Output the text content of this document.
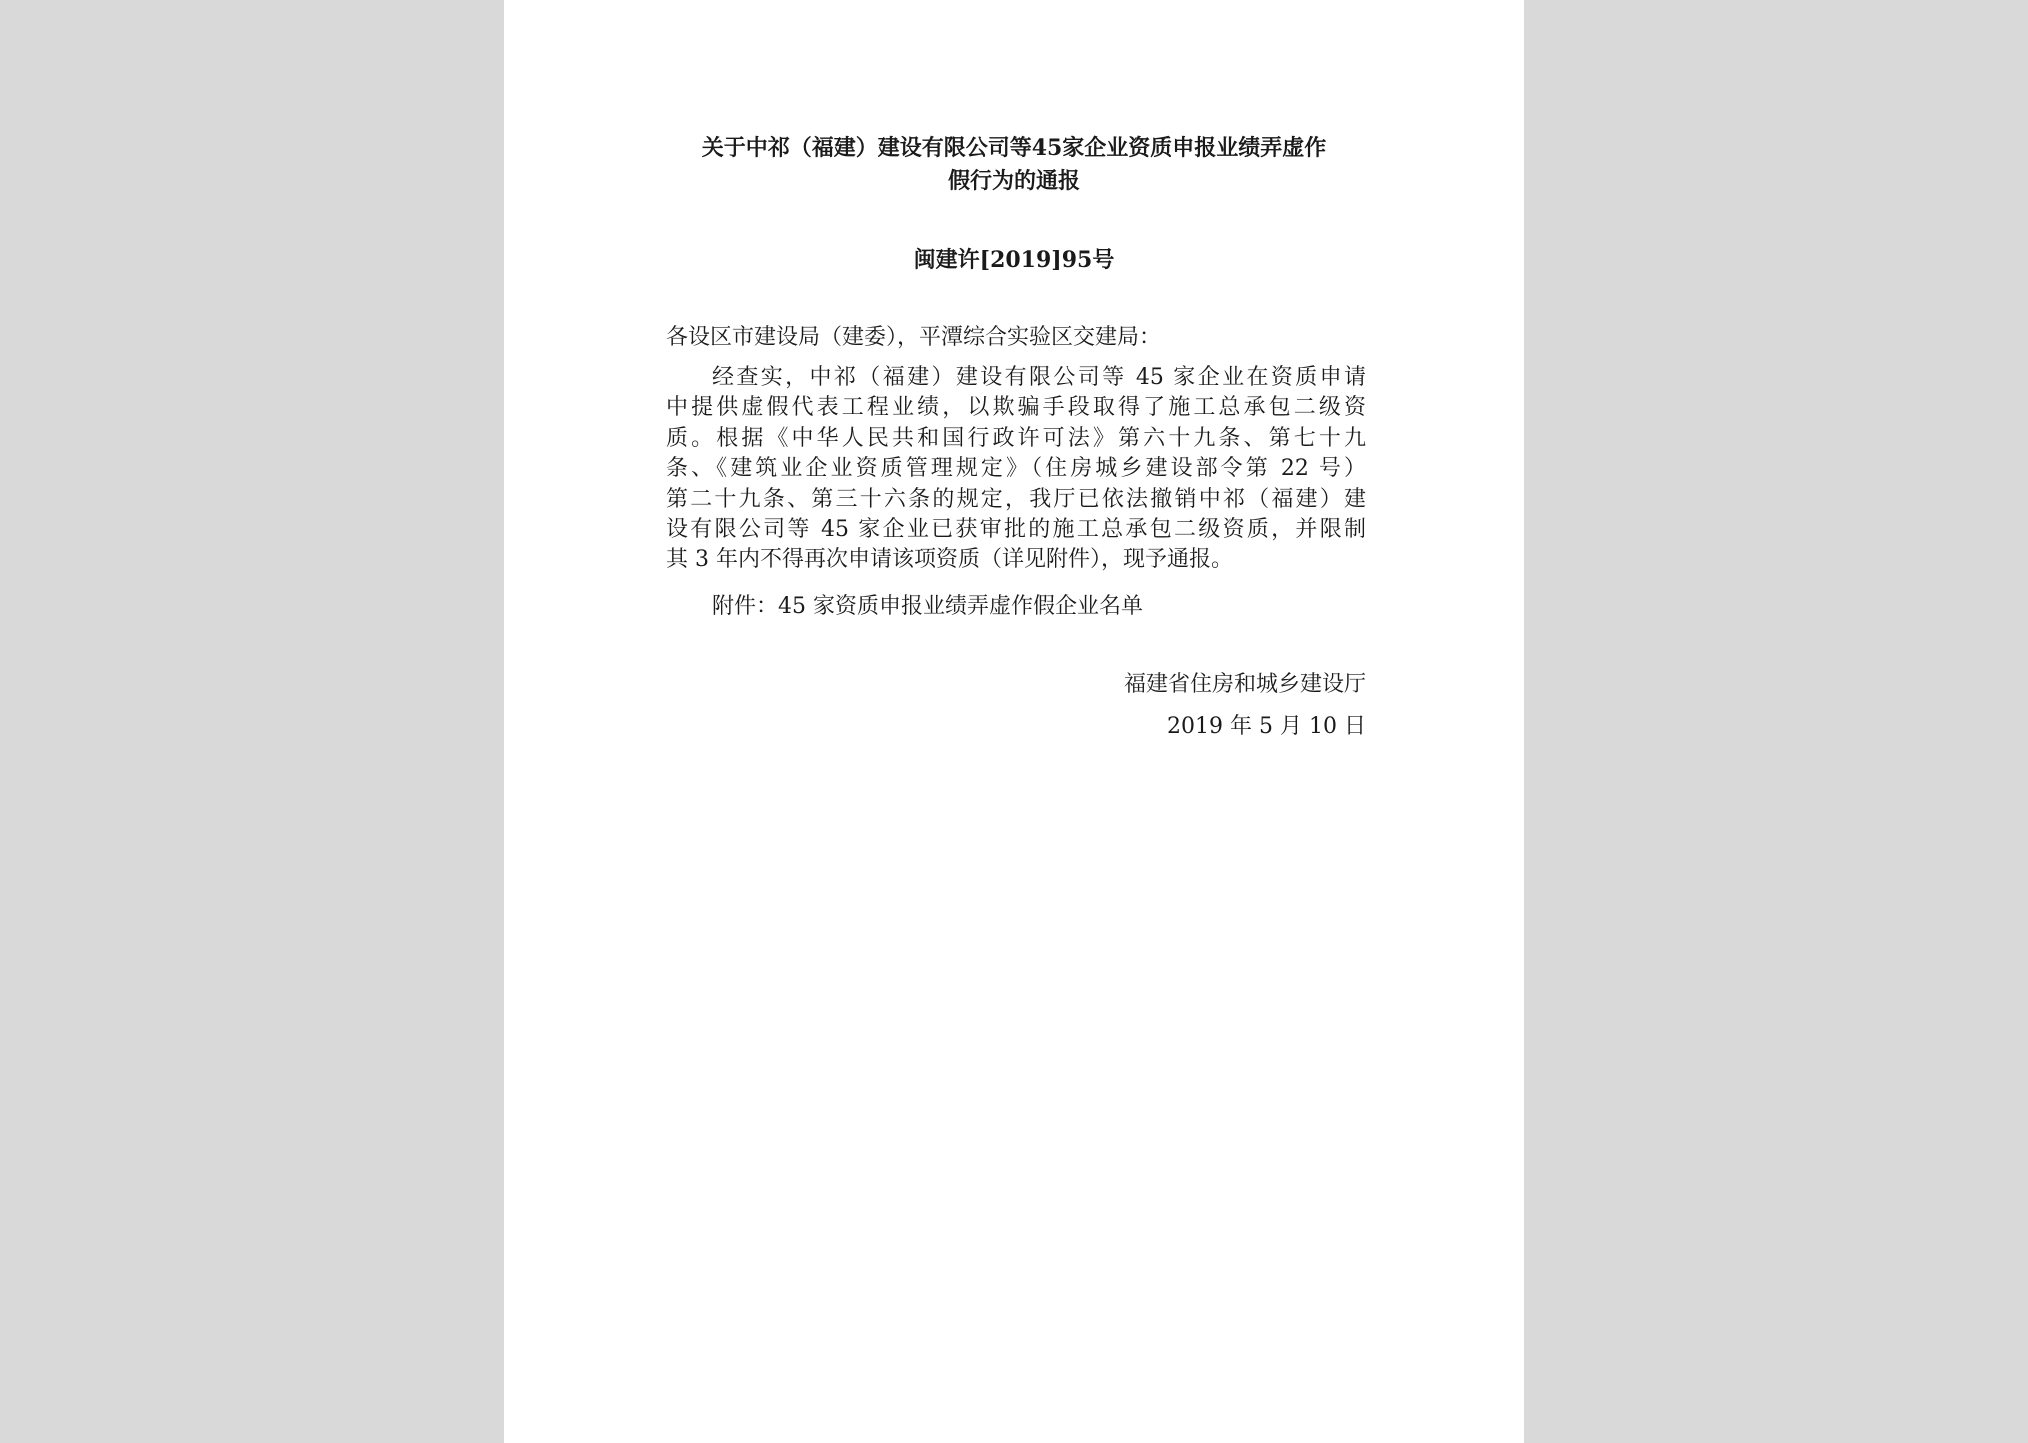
关于中祁（福建）建设有限公司等45家企业资质申报业绩弄虚作
假行为的通报
闽建许[2019]95号
各设区市建设局（建委），平潭综合实验区交建局：
经查实，中祁（福建）建设有限公司等 45 家企业在资质申请
中提供虚假代表工程业绩，以欺骗手段取得了施工总承包二级资
质。根据《中华人民共和国行政许可法》第六十九条、第七十九
条、《建筑业企业资质管理规定》（住房城乡建设部令第 22 号）
第二十九条、第三十六条的规定，我厅已依法撤销中祁（福建）建
设有限公司等 45 家企业已获审批的施工总承包二级资质，并限制
其 3 年内不得再次申请该项资质（详见附件），现予通报。
附件：45 家资质申报业绩弄虚作假企业名单
福建省住房和城乡建设厅
2019 年 5 月 10 日
